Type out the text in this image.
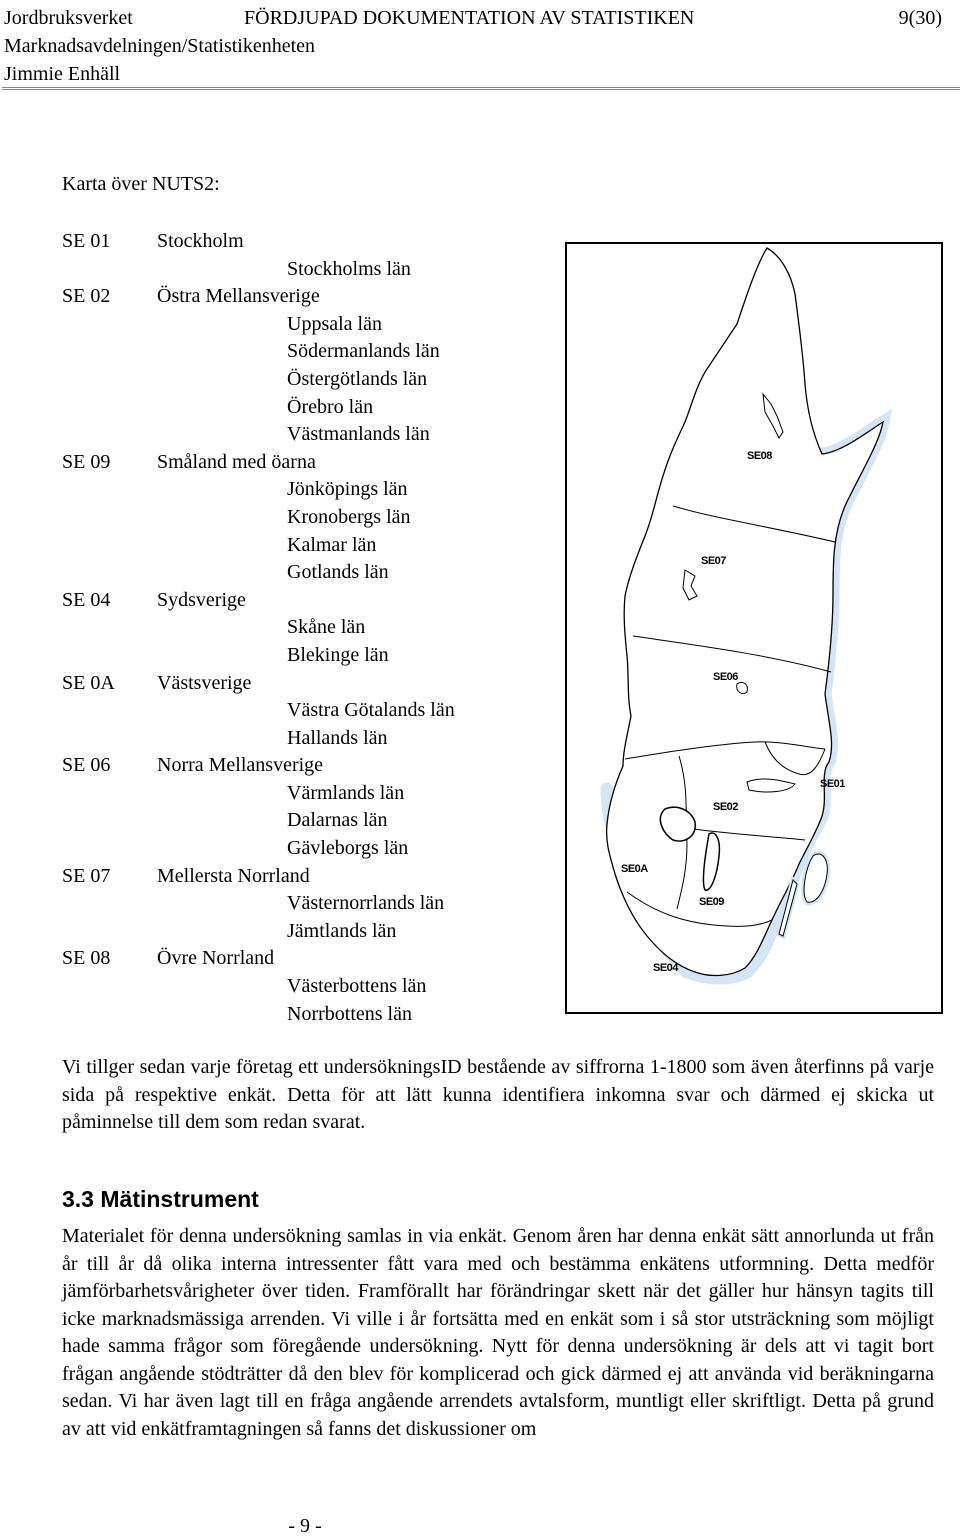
Jordbruksverket
Marknadsavdelningen/Statistikenheten
Jimmie Enhäll
FÖRDJUPAD DOKUMENTATION AV STATISTIKEN	9(30)
Karta över NUTS2:
SE 01 Stockholm
Stockholms län
SE 02 Östra Mellansverige
Uppsala län
Södermanlands län
Östergötlands län
Örebro län
Västmanlands län
SE 09 Småland med öarna
Jönköpings län
Kronobergs län
Kalmar län
Gotlands län
SE 04 Sydsverige
Skåne län
Blekinge län
SE 0A Västsverige
Västra Götalands län
Hallands län
SE 06 Norra Mellansverige
Värmlands län
Dalarnas län
Gävleborgs län
SE 07 Mellersta Norrland
Västernorrlands län
Jämtlands län
SE 08 Övre Norrland
Västerbottens län
Norrbottens län
SE08
SE07
SE06
SE01
SE02
SE0A
SE09
SE04

Vi tillger sedan varje företag ett undersökningsID bestående av siffrorna 1-1800 som även återfinns på varje sida på respektive enkät. Detta för att lätt kunna identifiera inkomna svar och därmed ej skicka ut påminnelse till dem som redan svarat.

3.3 Mätinstrument

Materialet för denna undersökning samlas in via enkät. Genom åren har denna enkät sätt annorlunda ut från år till år då olika interna intressenter fått vara med och bestämma enkätens utformning. Detta medför jämförbarhetsvårigheter över tiden. Framförallt har förändringar skett när det gäller hur hänsyn tagits till icke marknadsmässiga arrenden. Vi ville i år fortsätta med en enkät som i så stor utsträckning som möjligt hade samma frågor som föregående undersökning. Nytt för denna undersökning är dels att vi tagit bort frågan angående stödträtter då den blev för komplicerad och gick därmed ej att använda vid beräkningarna sedan. Vi har även lagt till en fråga angående arrendets avtalsform, muntligt eller skriftligt. Detta på grund av att vid enkätframtagningen så fanns det diskussioner om

- 9 -
